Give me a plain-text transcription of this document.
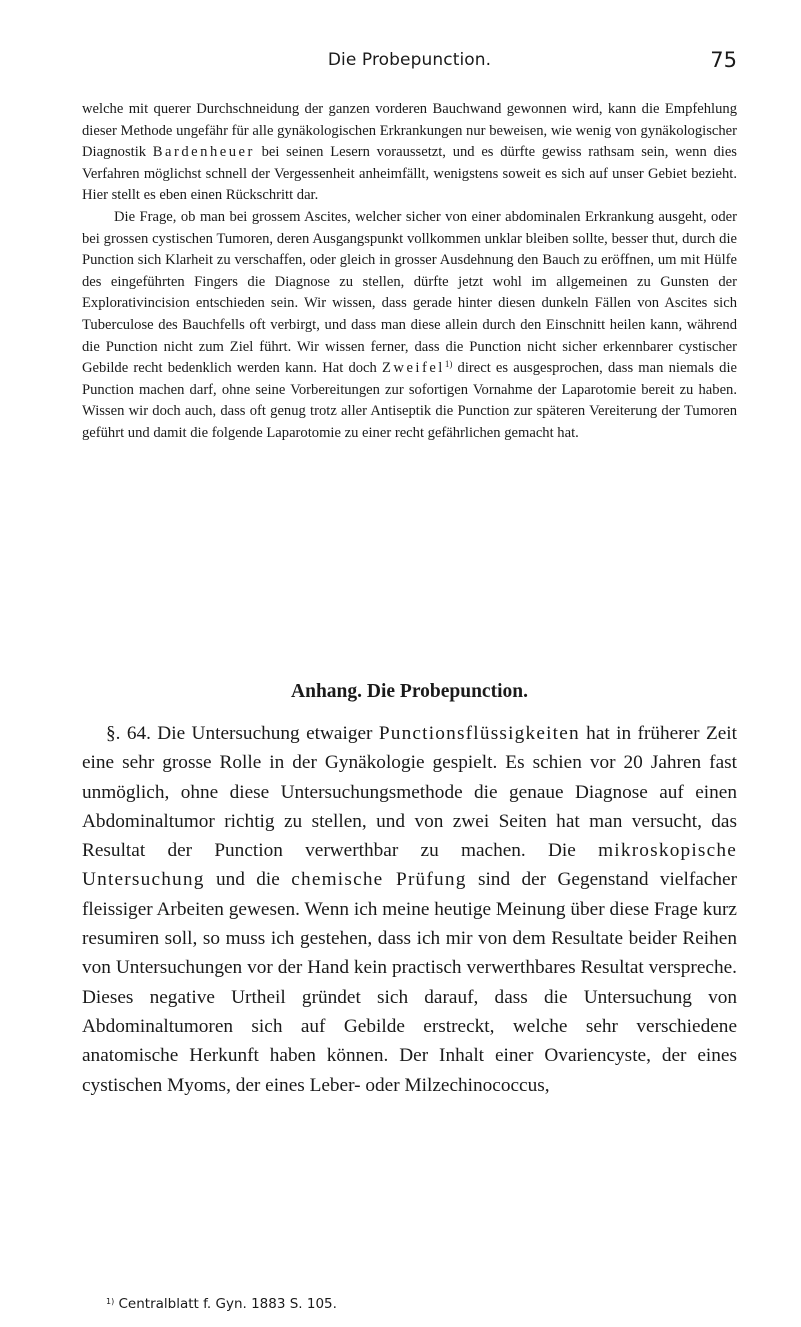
Die Probepunction.	75

welche mit querer Durchschneidung der ganzen vorderen Bauchwand gewonnen wird, kann die Empfehlung dieser Methode ungefähr für alle gynäkologischen Erkrankungen nur beweisen, wie wenig von gynäkologischer Diagnostik Bardenheuer bei seinen Lesern voraussetzt, und es dürfte gewiss rathsam sein, wenn dies Verfahren möglichst schnell der Vergessenheit anheimfällt, wenigstens soweit es sich auf unser Gebiet bezieht. Hier stellt es eben einen Rückschritt dar.

Die Frage, ob man bei grossem Ascites, welcher sicher von einer abdominalen Erkrankung ausgeht, oder bei grossen cystischen Tumoren, deren Ausgangspunkt vollkommen unklar bleiben sollte, besser thut, durch die Punction sich Klarheit zu verschaffen, oder gleich in grosser Ausdehnung den Bauch zu eröffnen, um mit Hülfe des eingeführten Fingers die Diagnose zu stellen, dürfte jetzt wohl im allgemeinen zu Gunsten der Explorativincision entschieden sein. Wir wissen, dass gerade hinter diesen dunkeln Fällen von Ascites sich Tuberculose des Bauchfells oft verbirgt, und dass man diese allein durch den Einschnitt heilen kann, während die Punction nicht zum Ziel führt. Wir wissen ferner, dass die Punction nicht sicher erkennbarer cystischer Gebilde recht bedenklich werden kann. Hat doch Zweifel$^{1)}$ direct es ausgesprochen, dass man niemals die Punction machen darf, ohne seine Vorbereitungen zur sofortigen Vornahme der Laparotomie bereit zu haben. Wissen wir doch auch, dass oft genug trotz aller Antiseptik die Punction zur späteren Vereiterung der Tumoren geführt und damit die folgende Laparotomie zu einer recht gefährlichen gemacht hat.

Anhang. Die Probepunction.

§. 64. Die Untersuchung etwaiger Punctionsflüssigkeiten hat in früherer Zeit eine sehr grosse Rolle in der Gynäkologie gespielt. Es schien vor 20 Jahren fast unmöglich, ohne diese Untersuchungsmethode die genaue Diagnose auf einen Abdominaltumor richtig zu stellen, und von zwei Seiten hat man versucht, das Resultat der Punction verwerthbar zu machen. Die mikroskopische Untersuchung und die chemische Prüfung sind der Gegenstand vielfacher fleissiger Arbeiten gewesen. Wenn ich meine heutige Meinung über diese Frage kurz resumiren soll, so muss ich gestehen, dass ich mir von dem Resultate beider Reihen von Untersuchungen vor der Hand kein practisch verwerthbares Resultat verspreche. Dieses negative Urtheil gründet sich darauf, dass die Untersuchung von Abdominaltumoren sich auf Gebilde erstreckt, welche sehr verschiedene anatomische Herkunft haben können. Der Inhalt einer Ovariencyste, der eines cystischen Myoms, der eines Leber- oder Milzechinococcus,

$^{1)}$ Centralblatt f. Gyn. 1883 S. 105.
